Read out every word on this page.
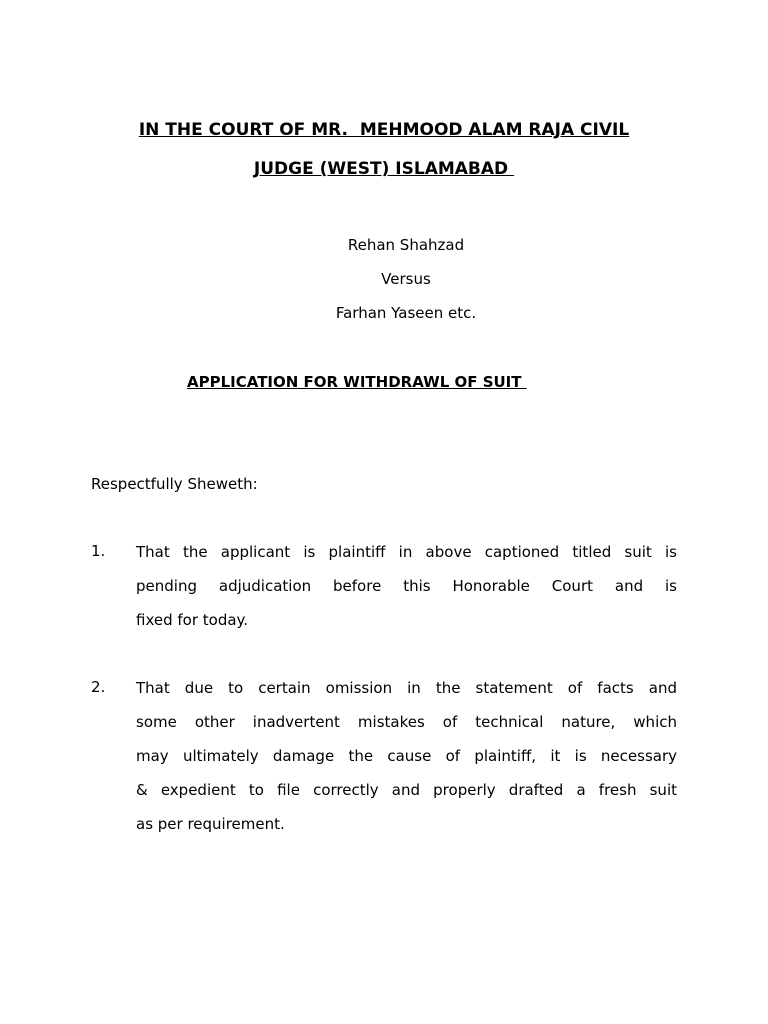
IN THE COURT OF MR.  MEHMOOD ALAM RAJA CIVIL
JUDGE (WEST) ISLAMABAD
Rehan Shahzad
Versus
Farhan Yaseen etc.
APPLICATION FOR WITHDRAWL OF SUIT
Respectfully Sheweth:
1. That the applicant is plaintiff in above captioned titled suit is
pending adjudication before this Honorable Court and is
fixed for today.
2. That due to certain omission in the statement of facts and
some other inadvertent mistakes of technical nature, which
may ultimately damage the cause of plaintiff, it is necessary
& expedient to file correctly and properly drafted a fresh suit
as per requirement.
